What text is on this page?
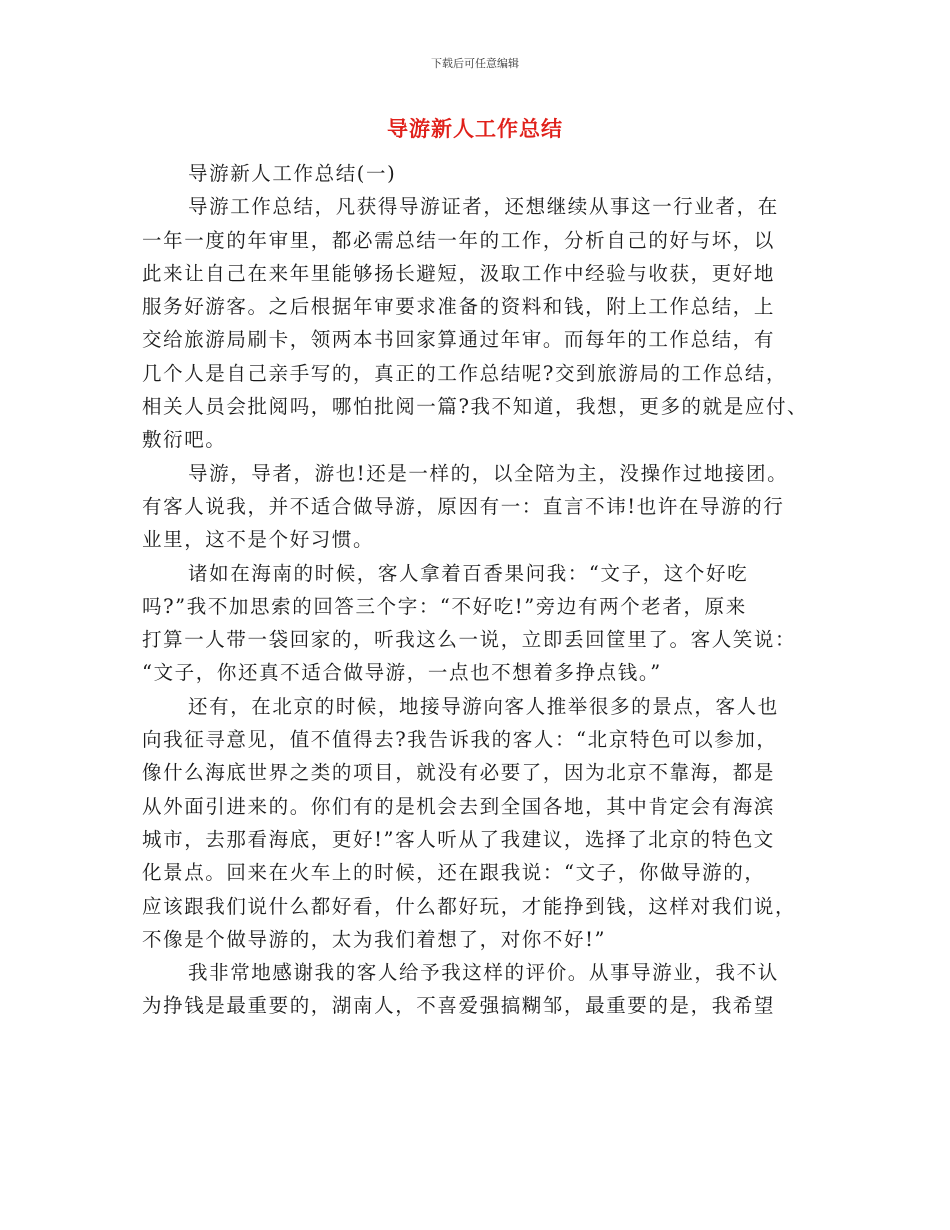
下载后可任意编辑
导游新人工作总结
导游新人工作总结(一)
导游工作总结，凡获得导游证者，还想继续从事这一行业者，在
一年一度的年审里，都必需总结一年的工作，分析自己的好与坏，以
此来让自己在来年里能够扬长避短，汲取工作中经验与收获，更好地
服务好游客。之后根据年审要求准备的资料和钱，附上工作总结，上
交给旅游局刷卡，领两本书回家算通过年审。而每年的工作总结，有
几个人是自己亲手写的，真正的工作总结呢?交到旅游局的工作总结，
相关人员会批阅吗，哪怕批阅一篇?我不知道，我想，更多的就是应付、
敷衍吧。
导游，导者，游也!还是一样的，以全陪为主，没操作过地接团。
有客人说我，并不适合做导游，原因有一：直言不讳!也许在导游的行
业里，这不是个好习惯。
诸如在海南的时候，客人拿着百香果问我：“文子，这个好吃
吗?”我不加思索的回答三个字：“不好吃!”旁边有两个老者，原来
打算一人带一袋回家的，听我这么一说，立即丢回筐里了。客人笑说：
“文子，你还真不适合做导游，一点也不想着多挣点钱。”
还有，在北京的时候，地接导游向客人推举很多的景点，客人也
向我征寻意见，值不值得去?我告诉我的客人：“北京特色可以参加，
像什么海底世界之类的项目，就没有必要了，因为北京不靠海，都是
从外面引进来的。你们有的是机会去到全国各地，其中肯定会有海滨
城市，去那看海底，更好!”客人听从了我建议，选择了北京的特色文
化景点。回来在火车上的时候，还在跟我说：“文子，你做导游的，
应该跟我们说什么都好看，什么都好玩，才能挣到钱，这样对我们说，
不像是个做导游的，太为我们着想了，对你不好!”
我非常地感谢我的客人给予我这样的评价。从事导游业，我不认
为挣钱是最重要的，湖南人，不喜爱强搞糊邹，最重要的是，我希望
